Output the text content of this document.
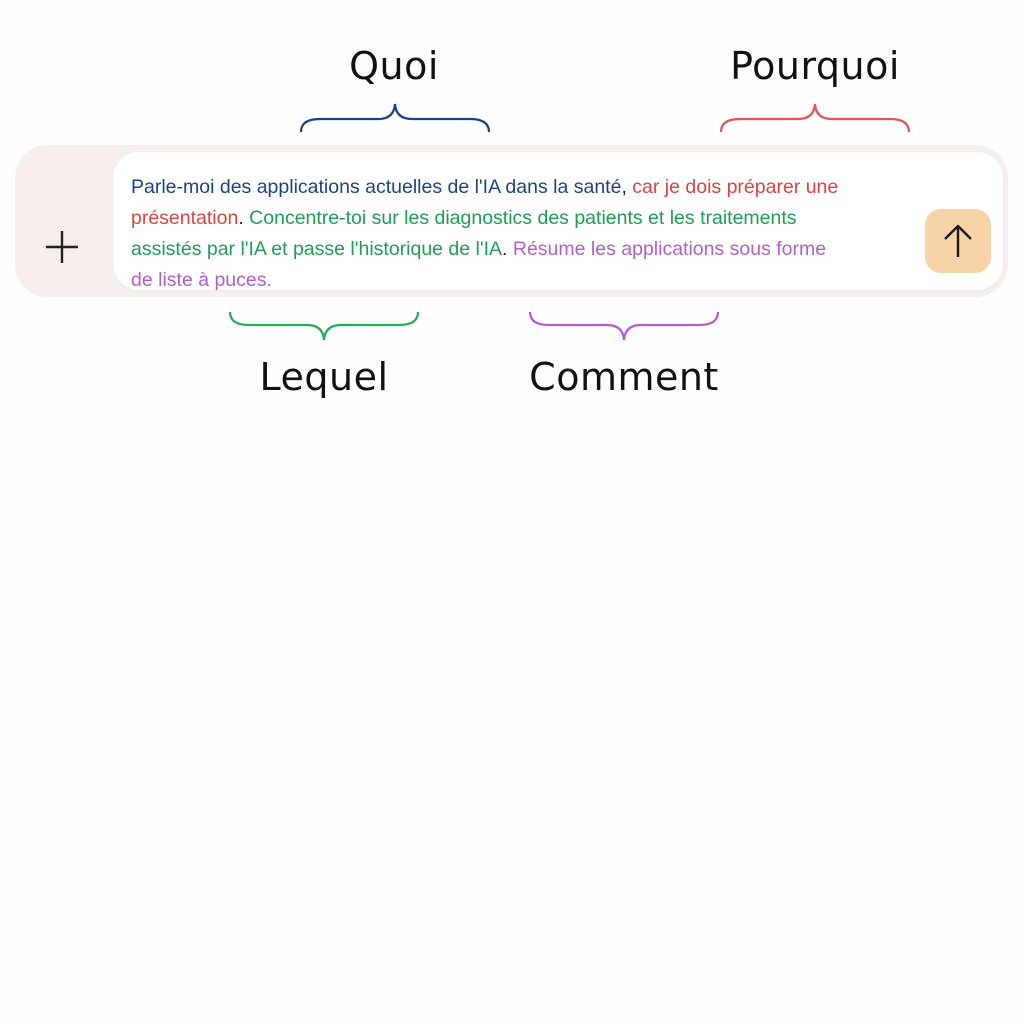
Quoi	Pourquoi
Parle-moi des applications actuelles de l'IA dans la santé, car je dois préparer une
présentation. Concentre-toi sur les diagnostics des patients et les traitements
assistés par l'IA et passe l'historique de l'IA. Résume les applications sous forme
de liste à puces.
Lequel	Comment
